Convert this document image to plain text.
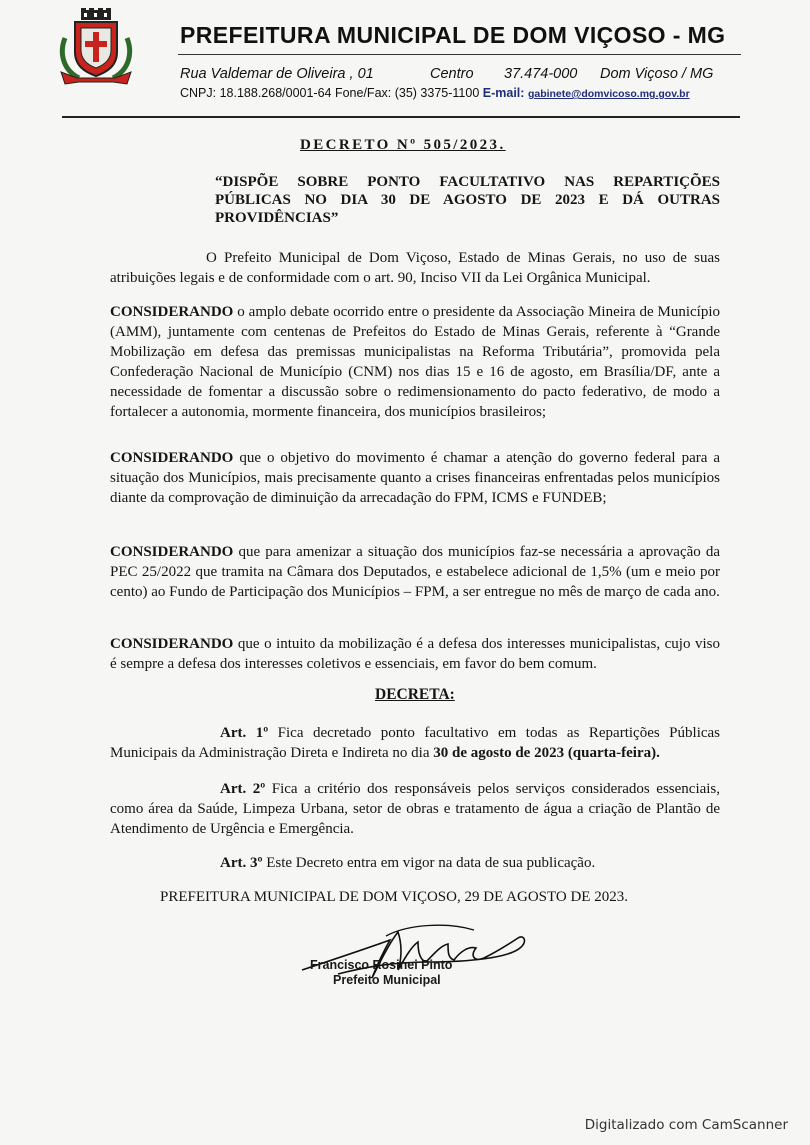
PREFEITURA MUNICIPAL DE DOM VIÇOSO - MG
Rua Valdemar de Oliveira , 01	Centro 37.474-000 Dom Viçoso / MG
CNPJ: 18.188.268/0001-64 Fone/Fax: (35) 3375-1100 E-mail: gabinete@domvicoso.mg.gov.br
DECRETO Nº 505/2023.
“DISPÕE SOBRE PONTO FACULTATIVO NAS REPARTIÇÕES PÚBLICAS NO DIA 30 DE AGOSTO DE 2023 E DÁ OUTRAS PROVIDÊNCIAS”
O Prefeito Municipal de Dom Viçoso, Estado de Minas Gerais, no uso de suas atribuições legais e de conformidade com o art. 90, Inciso VII da Lei Orgânica Municipal.
CONSIDERANDO o amplo debate ocorrido entre o presidente da Associação Mineira de Município (AMM), juntamente com centenas de Prefeitos do Estado de Minas Gerais, referente à “Grande Mobilização em defesa das premissas municipalistas na Reforma Tributária”, promovida pela Confederação Nacional de Município (CNM) nos dias 15 e 16 de agosto, em Brasília/DF, ante a necessidade de fomentar a discussão sobre o redimensionamento do pacto federativo, de modo a fortalecer a autonomia, mormente financeira, dos municípios brasileiros;
CONSIDERANDO que o objetivo do movimento é chamar a atenção do governo federal para a situação dos Municípios, mais precisamente quanto a crises financeiras enfrentadas pelos municípios diante da comprovação de diminuição da arrecadação do FPM, ICMS e FUNDEB;
CONSIDERANDO que para amenizar a situação dos municípios faz-se necessária a aprovação da PEC 25/2022 que tramita na Câmara dos Deputados, e estabelece adicional de 1,5% (um e meio por cento) ao Fundo de Participação dos Municípios – FPM, a ser entregue no mês de março de cada ano.
CONSIDERANDO que o intuito da mobilização é a defesa dos interesses municipalistas, cujo viso é sempre a defesa dos interesses coletivos e essenciais, em favor do bem comum.
DECRETA:
Art. 1º Fica decretado ponto facultativo em todas as Repartições Públicas Municipais da Administração Direta e Indireta no dia 30 de agosto de 2023 (quarta-feira).
Art. 2º Fica a critério dos responsáveis pelos serviços considerados essenciais, como área da Saúde, Limpeza Urbana, setor de obras e tratamento de água a criação de Plantão de Atendimento de Urgência e Emergência.
Art. 3º Este Decreto entra em vigor na data de sua publicação.
PREFEITURA MUNICIPAL DE DOM VIÇOSO, 29 DE AGOSTO DE 2023.
Francisco Rosinei Pinto
Prefeito Municipal
Digitalizado com CamScanner
